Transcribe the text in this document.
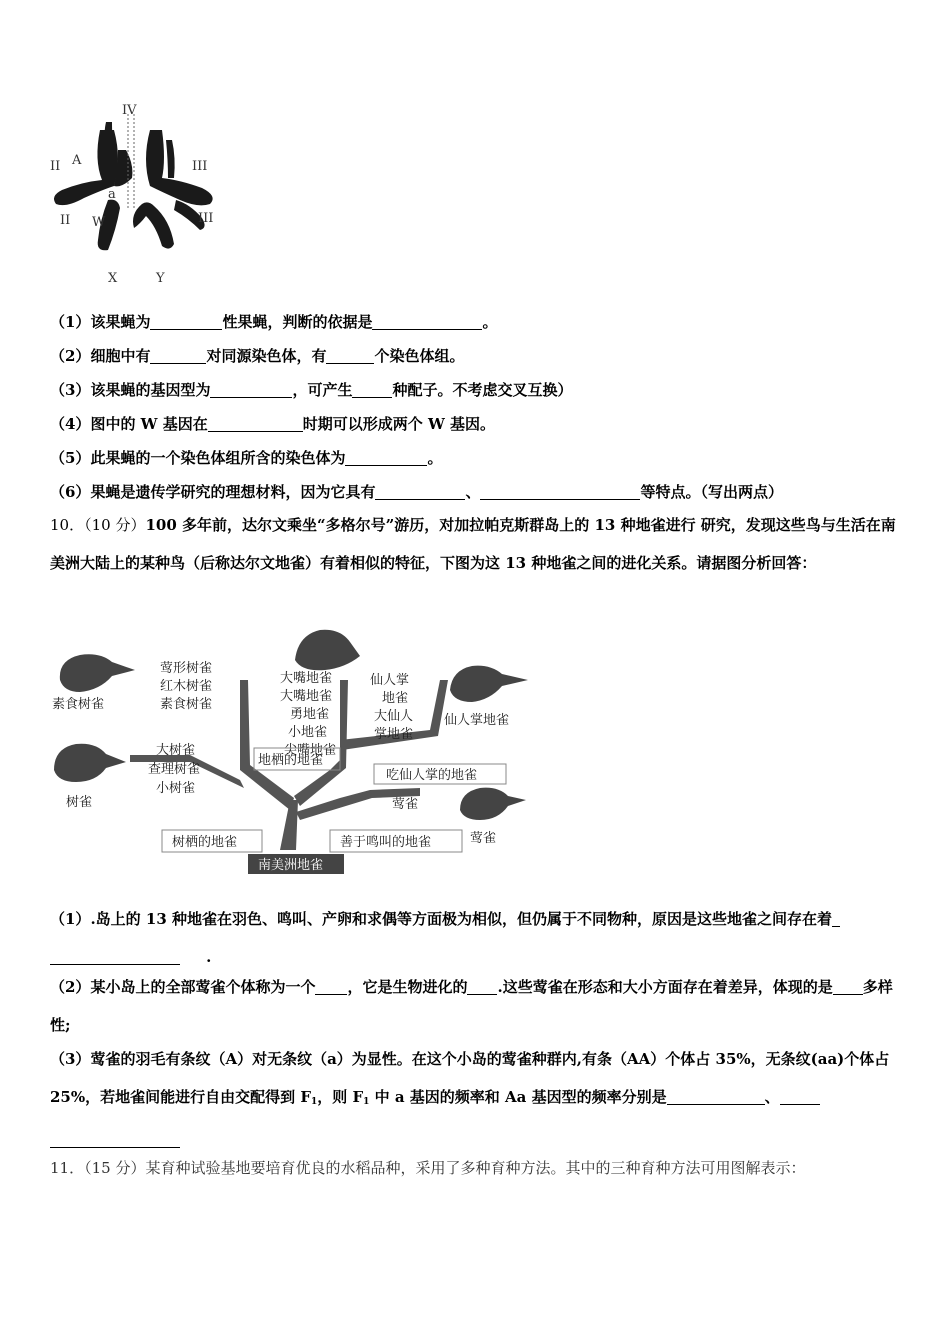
IV
II A	III
a
II W	III
X	Y
（1）该果蝇为	性果蝇，判断的依据是	。
（2）细胞中有	对同源染色体，有	个染色体组。
（3）该果蝇的基因型为	，可产生	种配子。不考虑交叉互换）
（4）图中的 W 基因在	时期可以形成两个 W 基因。
（5）此果蝇的一个染色体组所含的染色体为	。
（6）果蝇是遗传学研究的理想材料，因为它具有	、	等特点。（写出两点）
10．（10 分）100 多年前，达尔文乘坐“多格尔号”游历，对加拉帕克斯群岛上的 13 种地雀进行 研究，发现这些鸟与生活在南美洲大陆上的某种鸟（后称达尔文地雀）有着相似的特征，下图为这 13 种地雀之间的进化关系。请据图分析回答：
素食树雀
莺形树雀
红木树雀
素食树雀
大嘴地雀
大嘴地雀
勇地雀
小地雀
尖嘴地雀
仙人掌
地雀
大仙人
掌地雀
仙人掌地雀
大树雀
查理树雀
小树雀
树雀
地栖的地雀
吃仙人掌的地雀
莺雀
莺雀
树栖的地雀	善于鸣叫的地雀
南美洲地雀
（1）.岛上的 13 种地雀在羽色、鸣叫、产卵和求偶等方面极为相似，但仍属于不同物种，原因是这些地雀之间存在着
.
（2）某小岛上的全部莺雀个体称为一个 ，它是生物进化的 .这些莺雀在形态和大小方面存在着差异，体现的是 多样性;
（3）莺雀的羽毛有条纹（A）对无条纹（a）为显性。在这个小岛的莺雀种群内,有条（AA）个体占 35%，无条纹(aa)个体占 25%，若地雀间能进行自由交配得到 $F_1$，则 $F_1$ 中 a 基因的频率和 Aa 基因型的频率分别是	、

11．（15 分）某育种试验基地要培育优良的水稻品种，采用了多种育种方法。其中的三种育种方法可用图解表示：
